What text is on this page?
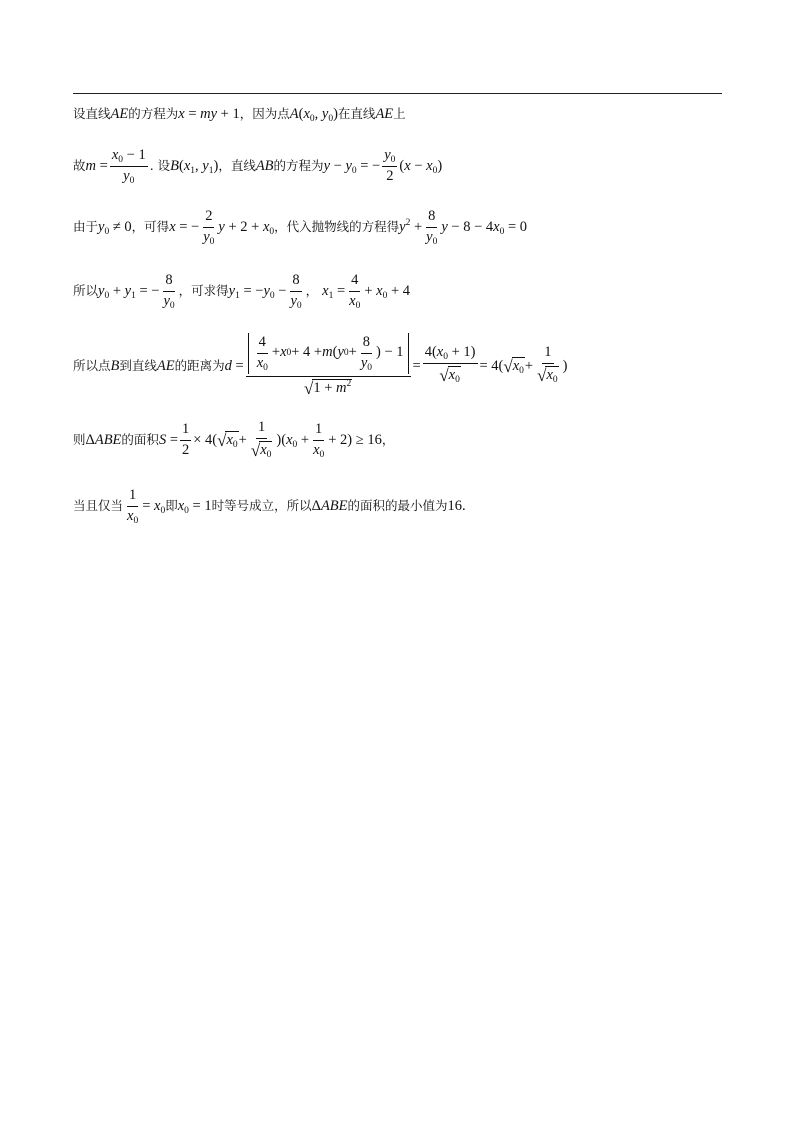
设直线 AE 的方程为 x = my + 1 ，因为点 $A(x_0$, $y_0$) 在直线 AE 上
故 $m = \frac{x_0 - 1}{y_0}$ . 设 $B(x_1$, $y_1$) ，直线 AB 的方程为 $y - y_0$ = − $\frac{y_0}{2} (x - x_0)$
由于 $y_0 \ne 0$ ，可得 x = − $\frac{2}{y_0}$ $y + 2 + x_0$ ，代入抛物线的方程得 $y^2 + \frac{8}{y_0}$ $y - 8 - 4x_0 = 0$
所以 $y_0 + y_1$ = − $\frac{8}{y_0}$ ，可求得 $y_1 = -y_0 - \frac{8}{y_0}$ ， $x_1 = \frac{4}{x_0} + x_0 + 4$
所以点 B 到直线 AE 的距离为 $d = \frac{\frac{4}{x_0} + x 0 + 4 + m ( y 0 + \frac{8}{y_0} ) - 1}{√ 1 + m^2} = \frac{4(x_0 + 1)}{√ x_0} = 4$( √ $x_0 + \frac{1}{√ x_0}$ )
则 ΔABE 的面积 $S = \frac{1}{2} \times 4$( √ $x_0 + \frac{1}{√ x_0} )(x_0 + \frac{1}{x_0} + 2) \ge 16$ ，
当且仅当 $\frac{1}{x_0} = x_0$ 即 $x_0 = 1$ 时等号成立，所以 ΔABE 的面积的最小值为 16 .
